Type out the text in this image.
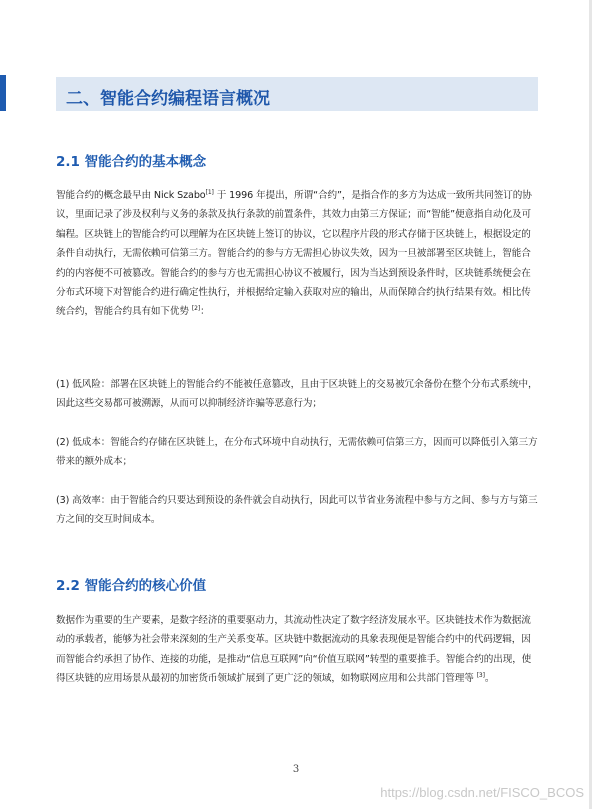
二、智能合约编程语言概况
2.1 智能合约的基本概念

智能合约的概念最早由 Nick Szabo[1] 于 1996 年提出，所谓“合约”，是指合作的多方为达成一致所共同签订的协议，里面记录了涉及权利与义务的条款及执行条款的前置条件，其效力由第三方保证；而“智能”便意指自动化及可编程。区块链上的智能合约可以理解为在区块链上签订的协议，它以程序片段的形式存储于区块链上，根据设定的条件自动执行，无需依赖可信第三方。智能合约的参与方无需担心协议失效，因为一旦被部署至区块链上，智能合约的内容便不可被篡改。智能合约的参与方也无需担心协议不被履行，因为当达到预设条件时，区块链系统便会在分布式环境下对智能合约进行确定性执行，并根据给定输入获取对应的输出，从而保障合约执行结果有效。相比传统合约，智能合约具有如下优势 [2]：

(1) 低风险：部署在区块链上的智能合约不能被任意篡改，且由于区块链上的交易被冗余备份在整个分布式系统中，因此这些交易都可被溯源，从而可以抑制经济诈骗等恶意行为；

(2) 低成本：智能合约存储在区块链上，在分布式环境中自动执行，无需依赖可信第三方，因而可以降低引入第三方带来的额外成本；

(3) 高效率：由于智能合约只要达到预设的条件就会自动执行，因此可以节省业务流程中参与方之间、参与方与第三方之间的交互时间成本。

2.2 智能合约的核心价值

数据作为重要的生产要素，是数字经济的重要驱动力，其流动性决定了数字经济发展水平。区块链技术作为数据流动的承载者，能够为社会带来深刻的生产关系变革。区块链中数据流动的具象表现便是智能合约中的代码逻辑，因而智能合约承担了协作、连接的功能，是推动“信息互联网”向“价值互联网”转型的重要推手。智能合约的出现，使得区块链的应用场景从最初的加密货币领域扩展到了更广泛的领域，如物联网应用和公共部门管理等 [3]。

3

https://blog.csdn.net/FISCO_BCOS
